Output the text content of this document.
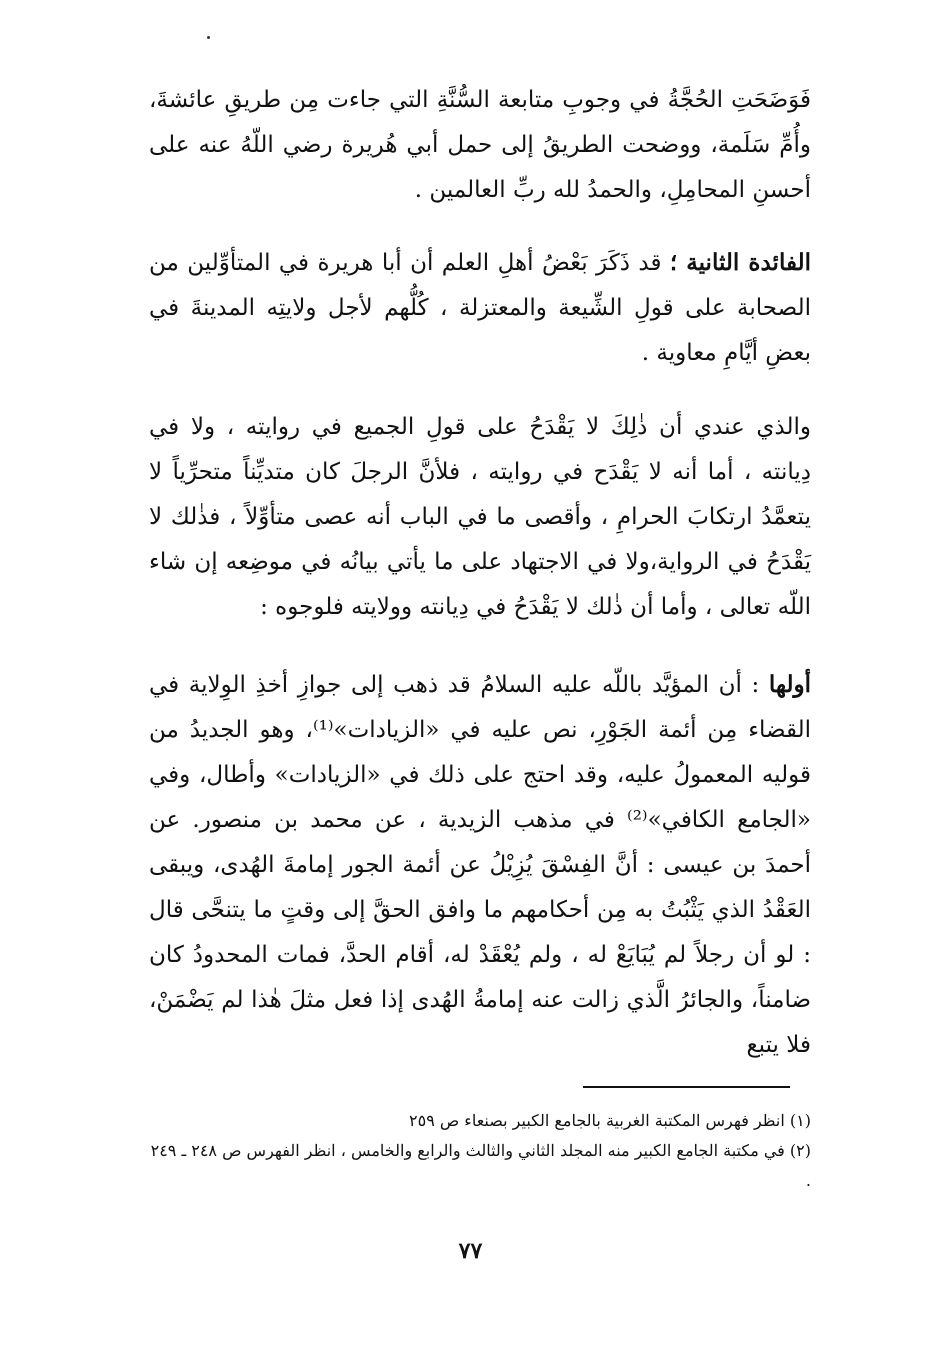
فَوَضَحَتِ الحُجَّةُ في وجوبِ متابعة السُّنَّةِ التي جاءت مِن طريقِ عائشةَ، وأُمِّ سَلَمة، ووضحت الطريقُ إلى حمل أبي هُريرة رضي اللّهُ عنه على أحسنِ المحامِلِ، والحمدُ لله ربِّ العالمين .

الفائدة الثانية ؛ قد ذَكَرَ بَعْضُ أهلِ العلم أن أبا هريرة في المتأوِّلين من الصحابة على قولِ الشِّيعة والمعتزلة ، كُلُّهم لأجل ولايتِه المدينةَ في بعضِ أيَّامِ معاوية .

والذي عندي أن ذٰلِكَ لا يَقْدَحُ على قولِ الجميع في روايته ، ولا في دِيانته ، أما أنه لا يَقْدَح في روايته ، فلأنَّ الرجلَ كان متديِّناً متحرِّياً لا يتعمَّدُ ارتكابَ الحرامِ ، وأقصى ما في الباب أنه عصى متأوِّلاً ، فذٰلك لا يَقْدَحُ في الرواية،ولا في الاجتهاد على ما يأتي بيانُه في موضِعه إن شاء اللّه تعالى ، وأما أن ذٰلك لا يَقْدَحُ في دِيانته وولايته فلوجوه :

أولها : أن المؤيَّد باللّه عليه السلامُ قد ذهب إلى جوازِ أخذِ الوِلاية في القضاء مِن أئمة الجَوْرِ، نص عليه في «الزيادات»⁽¹⁾، وهو الجديدُ من قوليه المعمولُ عليه، وقد احتج على ذلك في «الزيادات» وأطال، وفي «الجامع الكافي»⁽²⁾ في مذهب الزيدية ، عن محمد بن منصور. عن أحمدَ بن عيسى : أنَّ الفِسْقَ يُزِيْلُ عن أئمة الجور إمامةَ الهُدى، ويبقى العَقْدُ الذي يَثْبُتُ به مِن أحكامهم ما وافق الحقَّ إلى وقتٍ ما يتنحَّى قال : لو أن رجلاً لم يُبَايَعْ له ، ولم يُعْقَدْ له، أقام الحدَّ، فمات المحدودُ كان ضامناً، والجائرُ الَّذي زالت عنه إمامةُ الهُدى إذا فعل مثلَ هٰذا لم يَضْمَنْ، فلا يتبع

(١) انظر فهرس المكتبة الغربية بالجامع الكبير بصنعاء ص ٢٥٩

(٢) في مكتبة الجامع الكبير منه المجلد الثاني والثالث والرابع والخامس ، انظر الفهرس ص ٢٤٨ ـ ٢٤٩ .

٧٧
